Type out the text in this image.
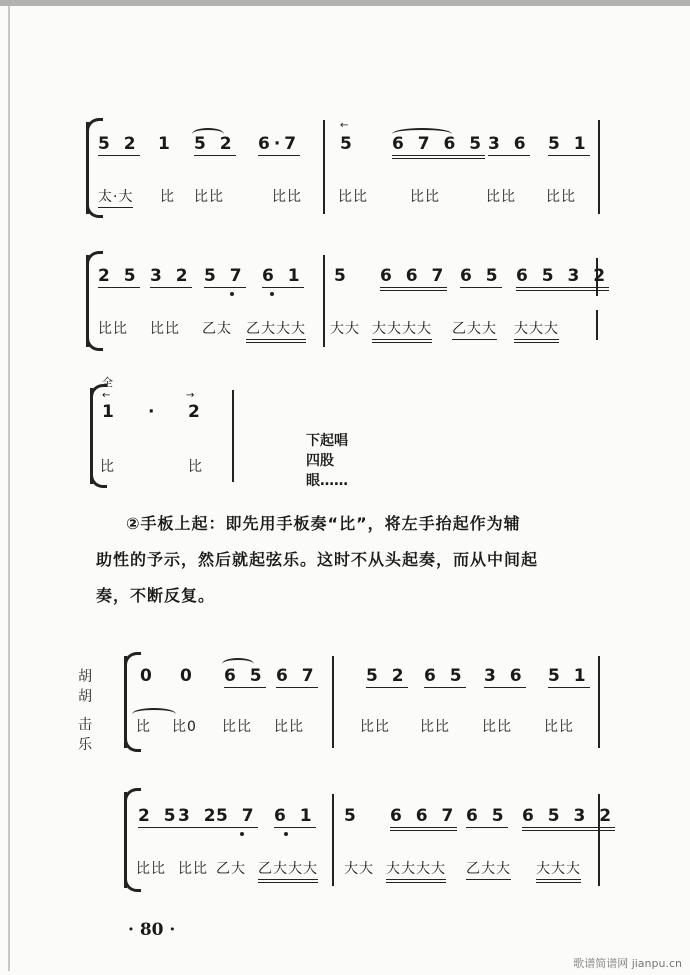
5 2 1 5 2 6·7
←
5 6 7 6 5 3 6 5 1
太·大 比 比比	比比	比比	比比	比比 比比
2 5 3 2 5 7 6 1 5 6 6 7 6 5 6 5 3 2
比比 比比 乙太 乙大大大 大大 大大大大 乙大大 大大大
全
←	→
1 · 2
比	比
下起唱四股眼……

②手板上起：即先用手板奏“比”，将左手抬起作为辅

助性的予示，然后就起弦乐。这时不从头起奏，而从中间起

奏，不断反复。

胡胡
击乐
0 0 6 5 6 7	5 2 6 5 3 6 5 1
比 比0 比比 比比	比比 比比 比比 比比
2 5
3 2
5 7 6 1 5 6 6 7 6 5 6 5 3 2
比比 比比 乙大 乙大大大 大大 大大大大 乙大大 大大大
· 80 ·
歌谱简谱网 jianpu.cn
